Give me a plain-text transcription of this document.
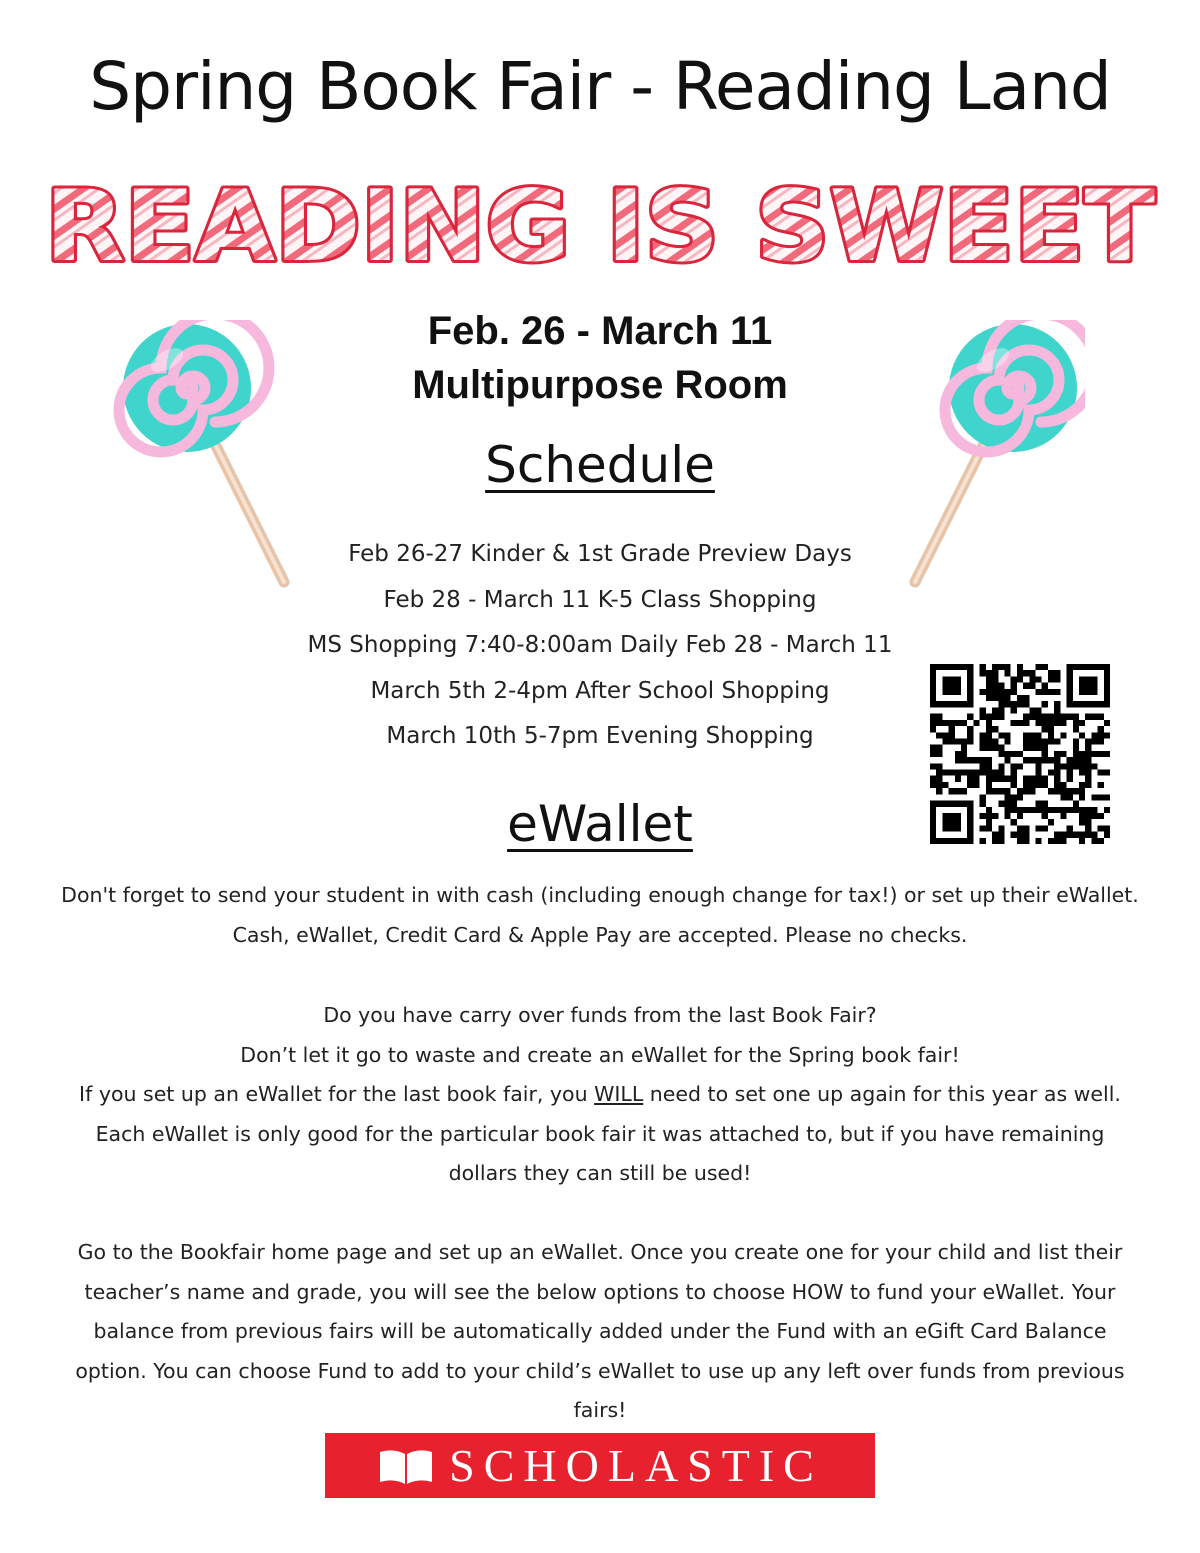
Spring Book Fair - Reading Land
READING IS SWEET
Feb. 26 - March 11
Multipurpose Room
Schedule
Feb 26-27 Kinder & 1st Grade Preview Days
Feb 28 - March 11 K-5 Class Shopping
MS Shopping 7:40-8:00am Daily Feb 28 - March 11
March 5th 2-4pm After School Shopping
March 10th 5-7pm Evening Shopping
eWallet

Don't forget to send your student in with cash (including enough change for tax!) or set up their eWallet. Cash, eWallet, Credit Card & Apple Pay are accepted. Please no checks.

Do you have carry over funds from the last Book Fair?
Don’t let it go to waste and create an eWallet for the Spring book fair!
If you set up an eWallet for the last book fair, you WILL need to set one up again for this year as well. Each eWallet is only good for the particular book fair it was attached to, but if you have remaining dollars they can still be used!

Go to the Bookfair home page and set up an eWallet. Once you create one for your child and list their teacher’s name and grade, you will see the below options to choose HOW to fund your eWallet. Your balance from previous fairs will be automatically added under the Fund with an eGift Card Balance option. You can choose Fund to add to your child’s eWallet to use up any left over funds from previous fairs!

SCHOLASTIC
